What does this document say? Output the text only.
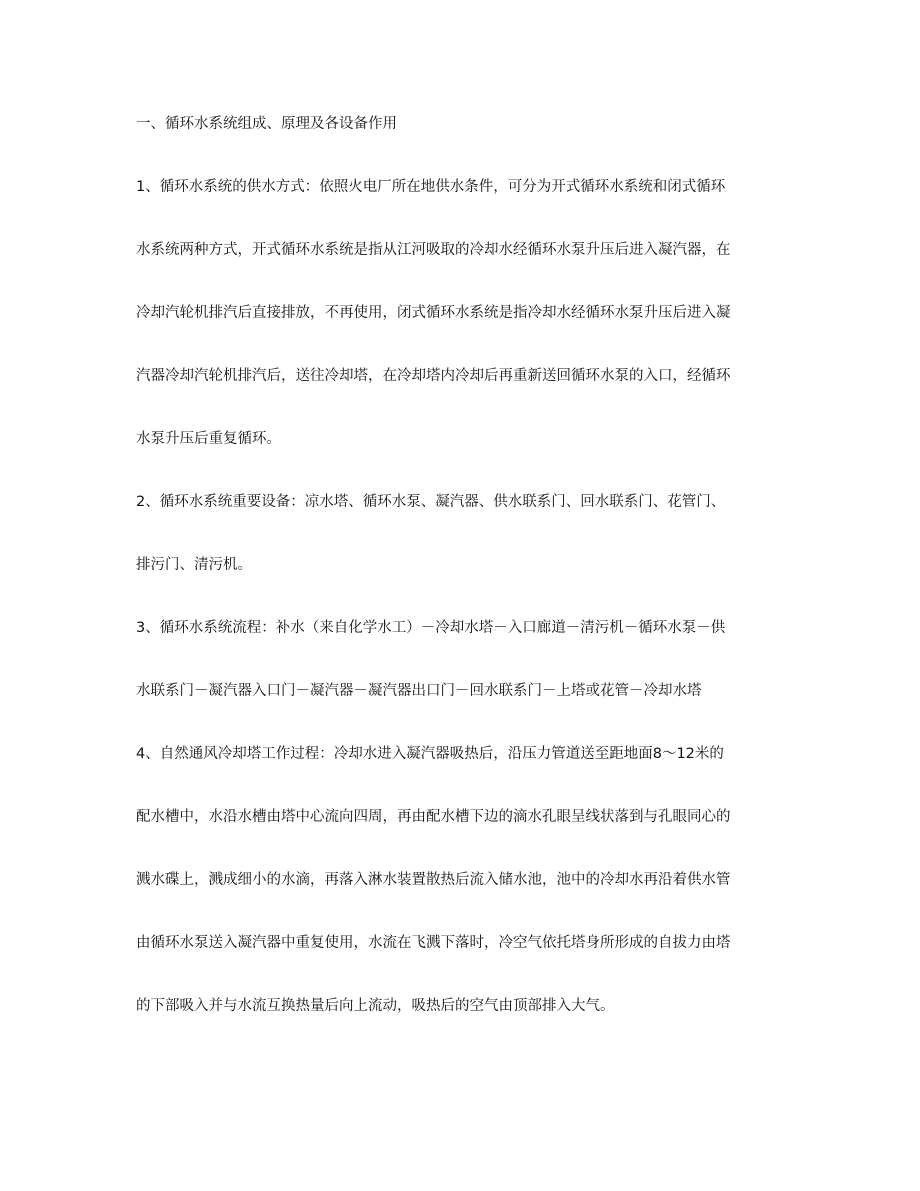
一、循环水系统组成、原理及各设备作用
1、循环水系统的供水方式：依照火电厂所在地供水条件，可分为开式循环水系统和闭式循环
水系统两种方式，开式循环水系统是指从江河吸取的冷却水经循环水泵升压后进入凝汽器，在
冷却汽轮机排汽后直接排放，不再使用，闭式循环水系统是指冷却水经循环水泵升压后进入凝
汽器冷却汽轮机排汽后，送往冷却塔，在冷却塔内冷却后再重新送回循环水泵的入口，经循环
水泵升压后重复循环。
2、循环水系统重要设备：凉水塔、循环水泵、凝汽器、供水联系门、回水联系门、花管门、
排污门、清污机。
3、循环水系统流程：补水（来自化学水工）－冷却水塔－入口廊道－清污机－循环水泵－供
水联系门－凝汽器入口门－凝汽器－凝汽器出口门－回水联系门－上塔或花管－冷却水塔
4、自然通风冷却塔工作过程：冷却水进入凝汽器吸热后，沿压力管道送至距地面8～12米的
配水槽中，水沿水槽由塔中心流向四周，再由配水槽下边的滴水孔眼呈线状落到与孔眼同心的
溅水碟上，溅成细小的水滴，再落入淋水装置散热后流入储水池，池中的冷却水再沿着供水管
由循环水泵送入凝汽器中重复使用，水流在飞溅下落时，冷空气依托塔身所形成的自拔力由塔
的下部吸入并与水流互换热量后向上流动，吸热后的空气由顶部排入大气。
